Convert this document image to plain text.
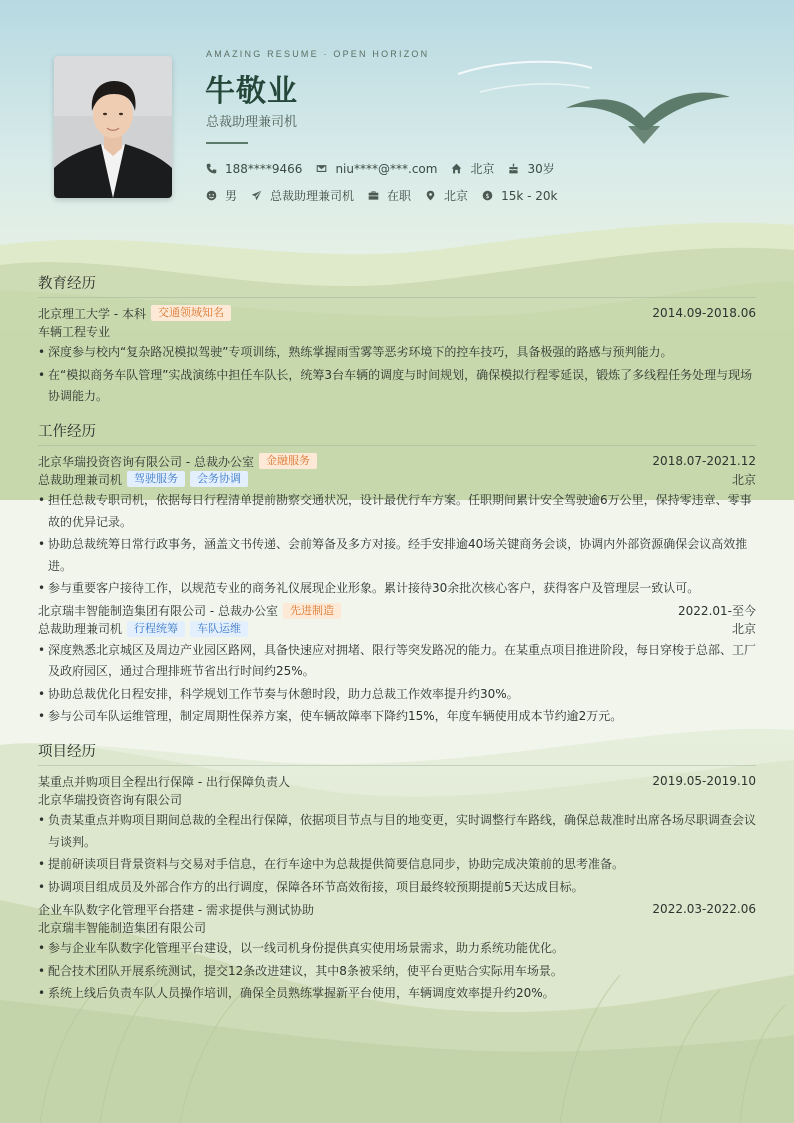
AMAZING RESUME · OPEN HORIZON
牛敬业
总裁助理兼司机
188****9466	niu****@***.com	北京	30岁
男	总裁助理兼司机	在职	北京 $ 15k - 20k
教育经历
北京理工大学 - 本科	交通领域知名	2014.09-2018.06
车辆工程专业
• 深度参与校内“复杂路况模拟驾驶”专项训练，熟练掌握雨雪雾等恶劣环境下的控车技巧，具备极强的路感与预判能力。
• 在“模拟商务车队管理”实战演练中担任车队长，统筹3台车辆的调度与时间规划，确保模拟行程零延误，锻炼了多线程任务处理与现场协调能力。
工作经历
北京华瑞投资咨询有限公司 - 总裁办公室	金融服务	2018.07-2021.12
总裁助理兼司机	驾驶服务	会务协调	北京
• 担任总裁专职司机，依据每日行程清单提前勘察交通状况，设计最优行车方案。任职期间累计安全驾驶逾6万公里，保持零违章、零事故的优异记录。
• 协助总裁统筹日常行政事务，涵盖文书传递、会前筹备及多方对接。经手安排逾40场关键商务会谈，协调内外部资源确保会议高效推进。
• 参与重要客户接待工作，以规范专业的商务礼仪展现企业形象。累计接待30余批次核心客户，获得客户及管理层一致认可。
北京瑞丰智能制造集团有限公司 - 总裁办公室	先进制造	2022.01-至今
总裁助理兼司机	行程统筹	车队运维	北京
• 深度熟悉北京城区及周边产业园区路网，具备快速应对拥堵、限行等突发路况的能力。在某重点项目推进阶段，每日穿梭于总部、工厂及政府园区，通过合理排班节省出行时间约25%。
• 协助总裁优化日程安排，科学规划工作节奏与休憩时段，助力总裁工作效率提升约30%。
• 参与公司车队运维管理，制定周期性保养方案，使车辆故障率下降约15%，年度车辆使用成本节约逾2万元。
项目经历
某重点并购项目全程出行保障 - 出行保障负责人	2019.05-2019.10
北京华瑞投资咨询有限公司
• 负责某重点并购项目期间总裁的全程出行保障，依据项目节点与目的地变更，实时调整行车路线，确保总裁准时出席各场尽职调查会议与谈判。
• 提前研读项目背景资料与交易对手信息，在行车途中为总裁提供简要信息同步，协助完成决策前的思考准备。
• 协调项目组成员及外部合作方的出行调度，保障各环节高效衔接，项目最终较预期提前5天达成目标。
企业车队数字化管理平台搭建 - 需求提供与测试协助	2022.03-2022.06
北京瑞丰智能制造集团有限公司
• 参与企业车队数字化管理平台建设，以一线司机身份提供真实使用场景需求，助力系统功能优化。
• 配合技术团队开展系统测试，提交12条改进建议，其中8条被采纳，使平台更贴合实际用车场景。
• 系统上线后负责车队人员操作培训，确保全员熟练掌握新平台使用，车辆调度效率提升约20%。
